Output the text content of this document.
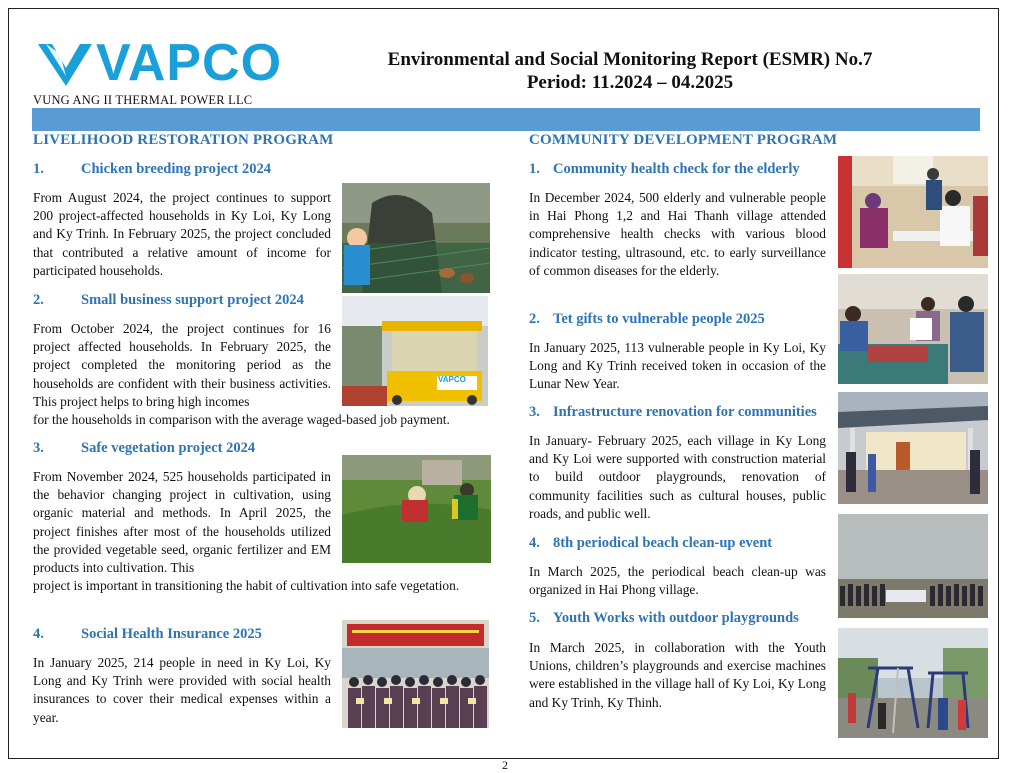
VAPCO
VUNG ANG II THERMAL POWER LLC
Environmental and Social Monitoring Report (ESMR) No.7
Period: 11.2024 – 04.2025
LIVELIHOOD RESTORATION PROGRAM
1.	Chicken breeding project 2024

From August 2024, the project continues to support 200 project-affected households in Ky Loi, Ky Long and Ky Trinh. In February 2025, the project concluded that contributed a relative amount of income for participated households.

2.	Small business support project 2024

From October 2024, the project continues for 16 project affected households. In February 2025, the project completed the monitoring period as the households are confident with their business activities. This project helps to bring high incomes

for the households in comparison with the average waged-based job payment.

3.	Safe vegetation project 2024

From November 2024, 525 households participated in the behavior changing project in cultivation, using organic material and methods. In April 2025, the project finishes after most of the households utilized the provided vegetable seed, organic fertilizer and EM products into cultivation. This

project is important in transitioning the habit of cultivation into safe vegetation.

4.	Social Health Insurance 2025

In January 2025, 214 people in need in Ky Loi, Ky Long and Ky Trinh were provided with social health insurances to cover their medical expenses within a year.

VAPCO
COMMUNITY DEVELOPMENT PROGRAM
1. Community health check for the elderly

In December 2024, 500 elderly and vulnerable people in Hai Phong 1,2 and Hai Thanh village attended comprehensive health checks with various blood indicator testing, ultrasound, etc. to early surveillance of common diseases for the elderly.

2. Tet gifts to vulnerable people 2025

In January 2025, 113 vulnerable people in Ky Loi, Ky Long and Ky Trinh received token in occasion of the Lunar New Year.

3. Infrastructure renovation for communities

In January- February 2025, each village in Ky Long and Ky Loi were supported with construction material to build outdoor playgrounds, renovation of community facilities such as cultural houses, public roads, and public well.

4. 8th periodical beach clean-up event

In March 2025, the periodical beach clean-up was organized in Hai Phong village.

5. Youth Works with outdoor playgrounds

In March 2025, in collaboration with the Youth Unions, children’s playgrounds and exercise machines were established in the village hall of Ky Loi, Ky Long and Ky Trinh, Ky Thinh.

2
